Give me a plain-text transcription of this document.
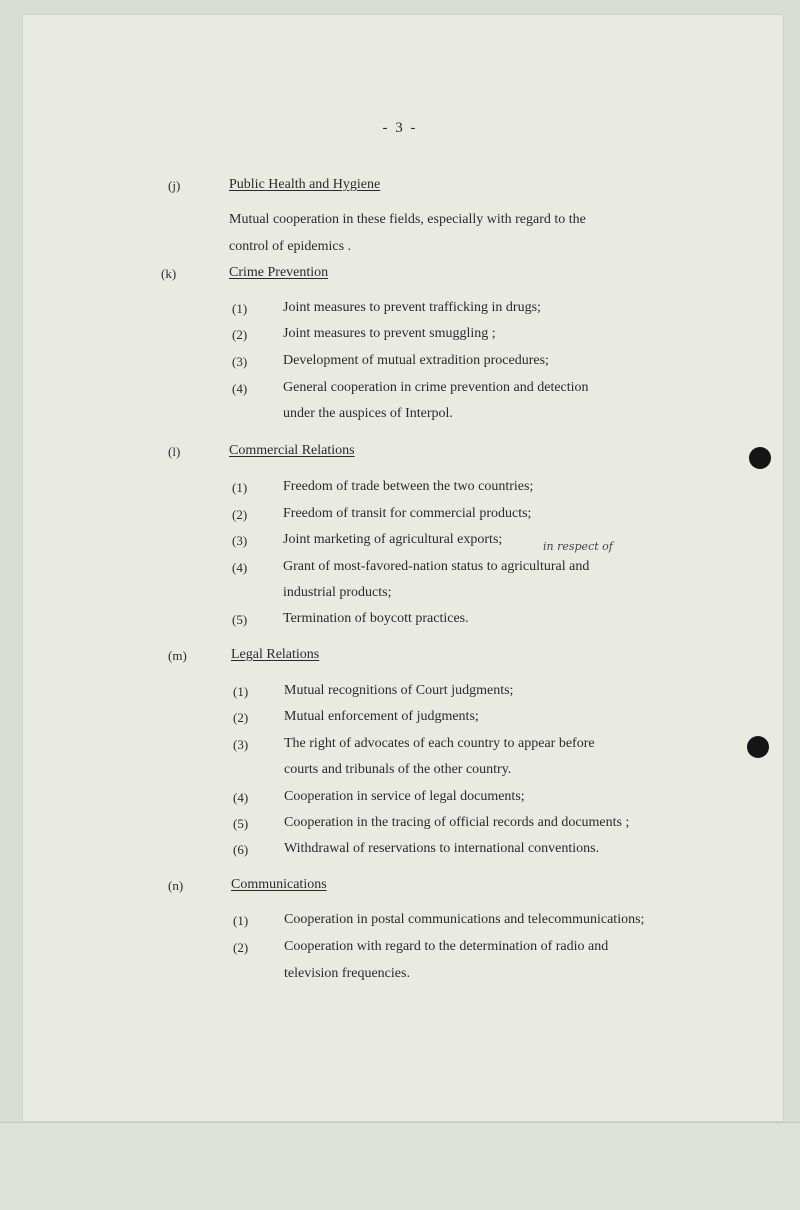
- 3 -
(j)	Public Health and Hygiene
Mutual cooperation in these fields, especially with regard to the
control of epidemics .
(k)	Crime Prevention
(1)	Joint measures to prevent trafficking in drugs;
(2)	Joint measures to prevent smuggling ;
(3)	Development of mutual extradition procedures;
(4)	General cooperation in crime prevention and detection
under the auspices of Interpol.
(l)	Commercial Relations
(1)	Freedom of trade between the two countries;
(2)	Freedom of transit for commercial products;
(3)	Joint marketing of agricultural exports;	in respect of
(4)	Grant of most-favored-nation status to agricultural and
industrial products;
(5)	Termination of boycott practices.
(m)	Legal Relations
(1)	Mutual recognitions of Court judgments;
(2)	Mutual enforcement of judgments;
(3)	The right of advocates of each country to appear before
courts and tribunals of the other country.
(4)	Cooperation in service of legal documents;
(5)	Cooperation in the tracing of official records and documents ;
(6)	Withdrawal of reservations to international conventions.
(n)	Communications
(1)	Cooperation in postal communications and telecommunications;
(2)	Cooperation with regard to the determination of radio and
television frequencies.
